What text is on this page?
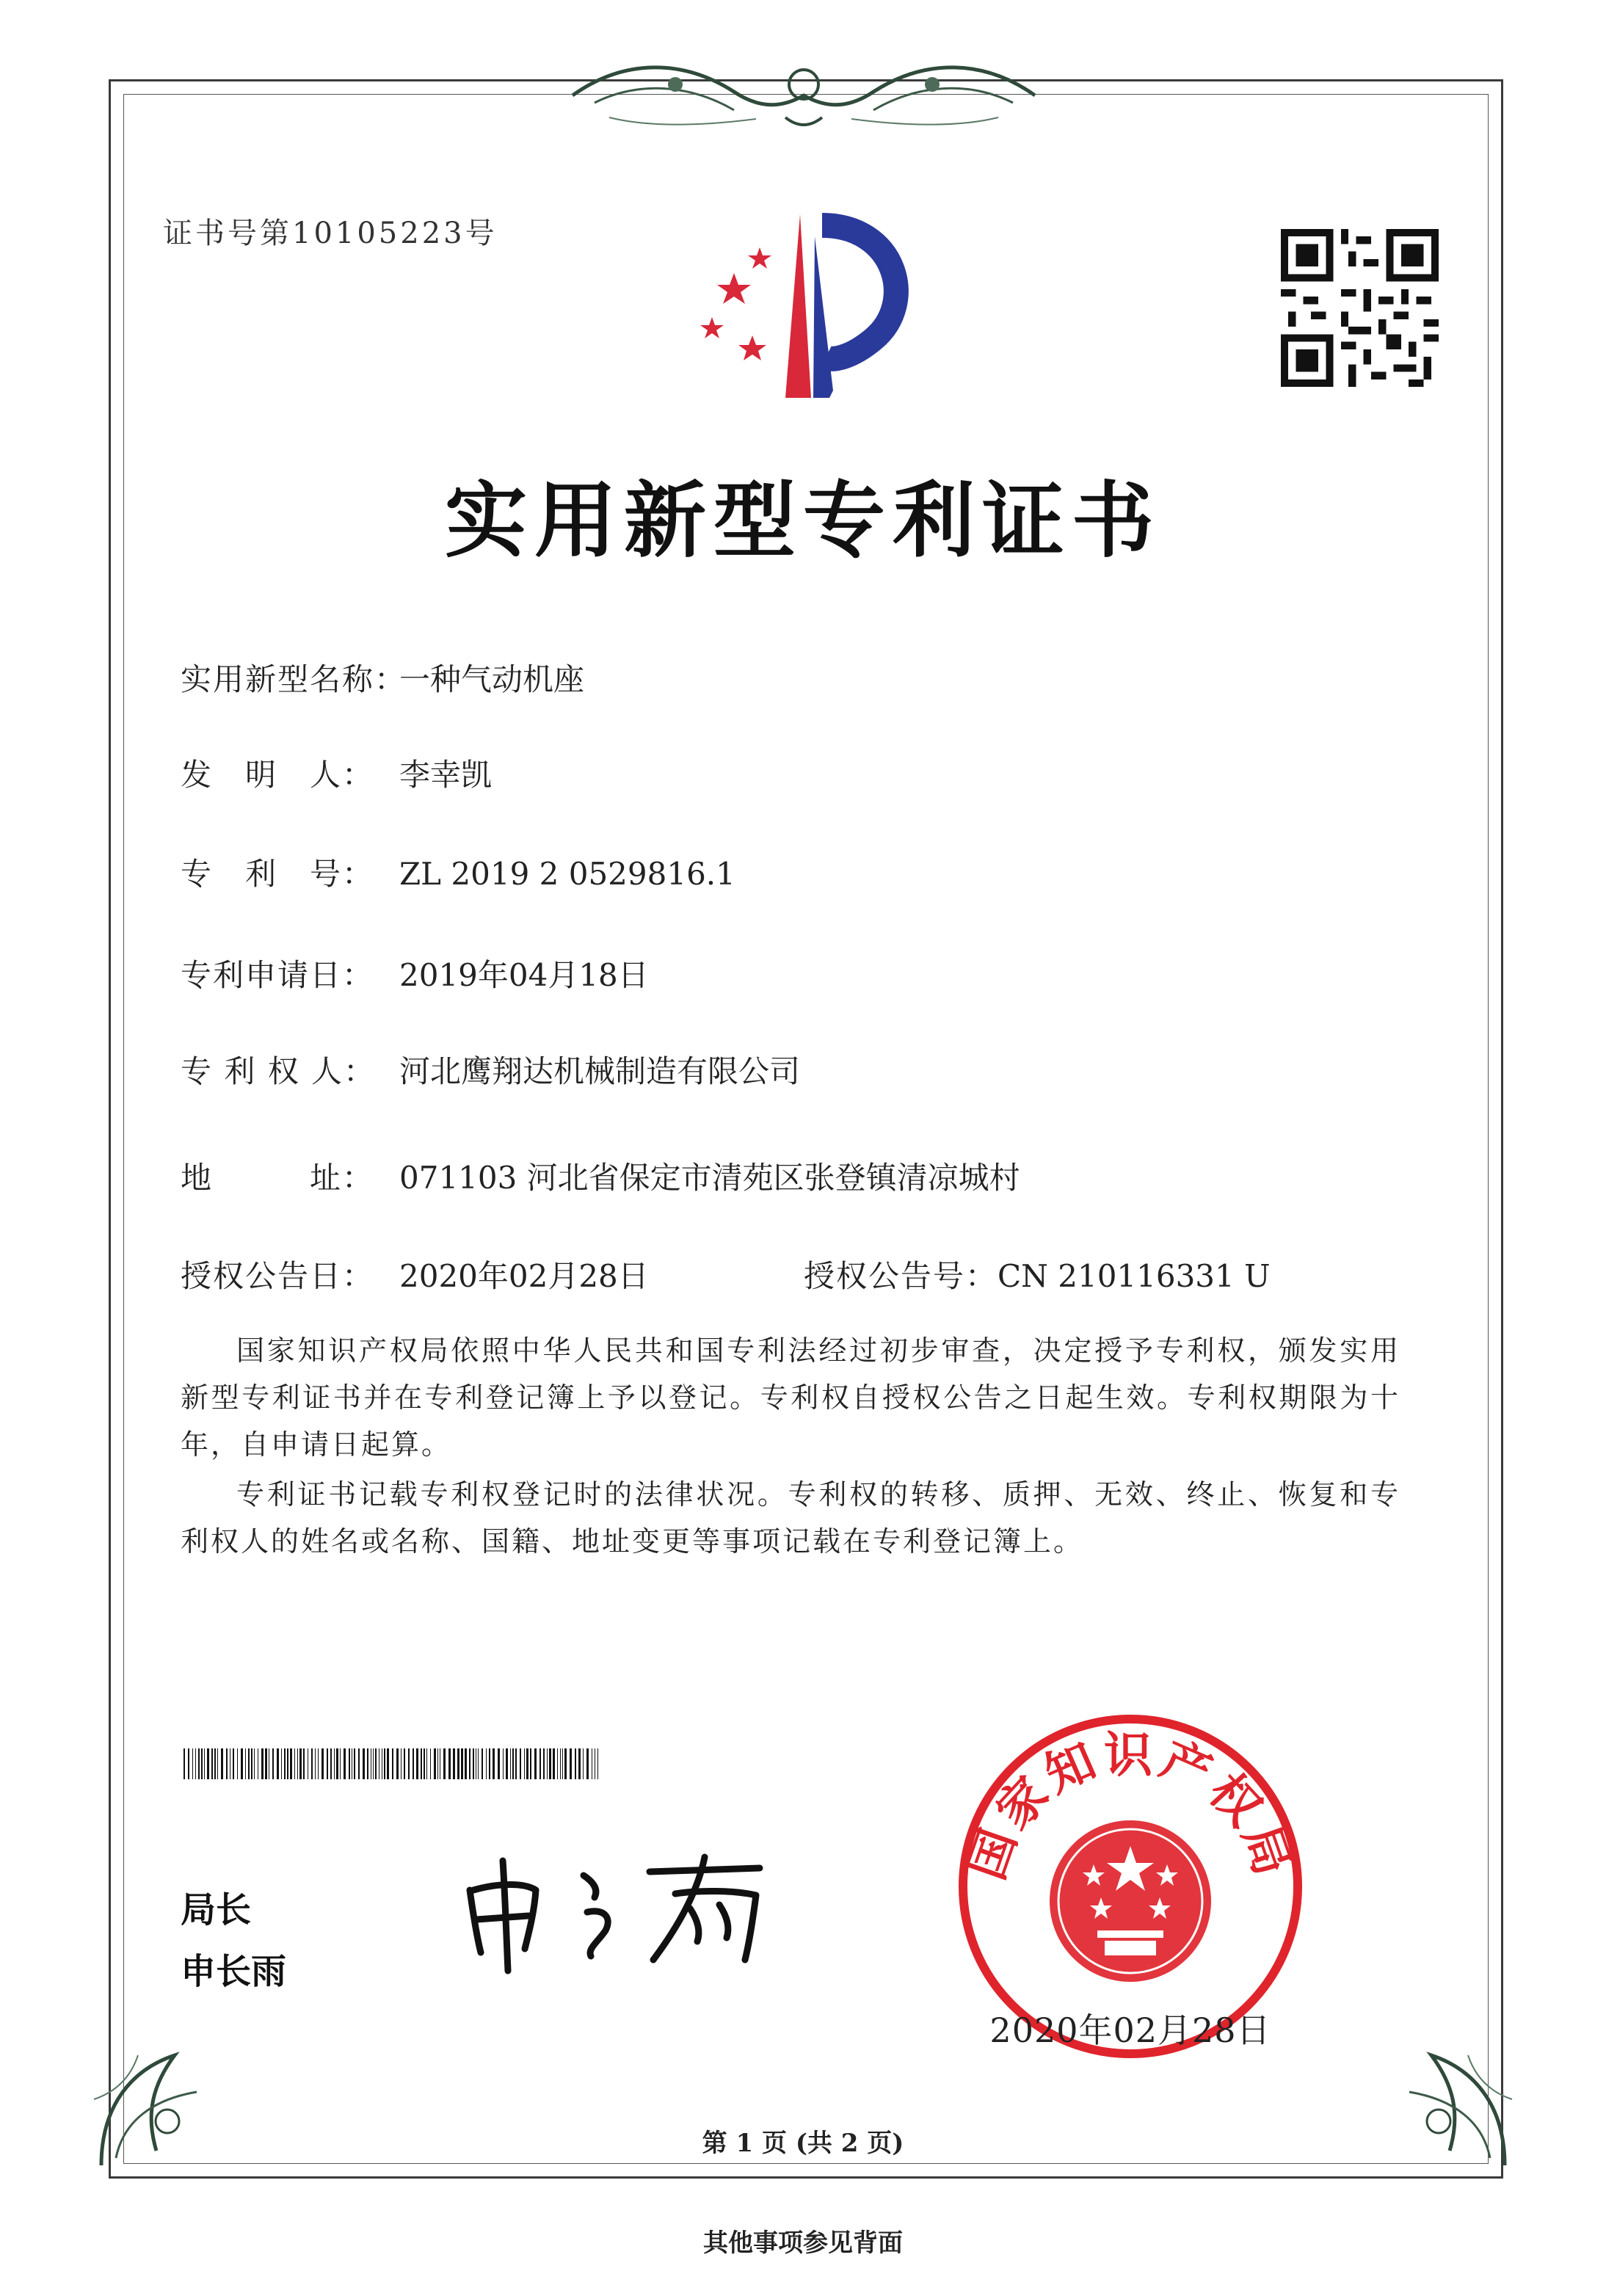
证书号第10105223号
实用新型专利证书
实用新型名称：一种气动机座
发　明　人： 李幸凯
专　利　号： ZL 2019 2 0529816.1
专利申请日： 2019年04月18日
专 利 权 人： 河北鹰翔达机械制造有限公司
地　　　址： 071103 河北省保定市清苑区张登镇清凉城村
授权公告日： 2020年02月28日	授权公告号：CN 210116331 U
国家知识产权局依照中华人民共和国专利法经过初步审查，决定授予专利权，颁发实用新型专利证书并在专利登记簿上予以登记。专利权自授权公告之日起生效。专利权期限为十年，自申请日起算。
专利证书记载专利权登记时的法律状况。专利权的转移、质押、无效、终止、恢复和专利权人的姓名或名称、国籍、地址变更等事项记载在专利登记簿上。
局长
申长雨
国家知识产权局
2020年02月28日
第 1 页 (共 2 页)
其他事项参见背面
